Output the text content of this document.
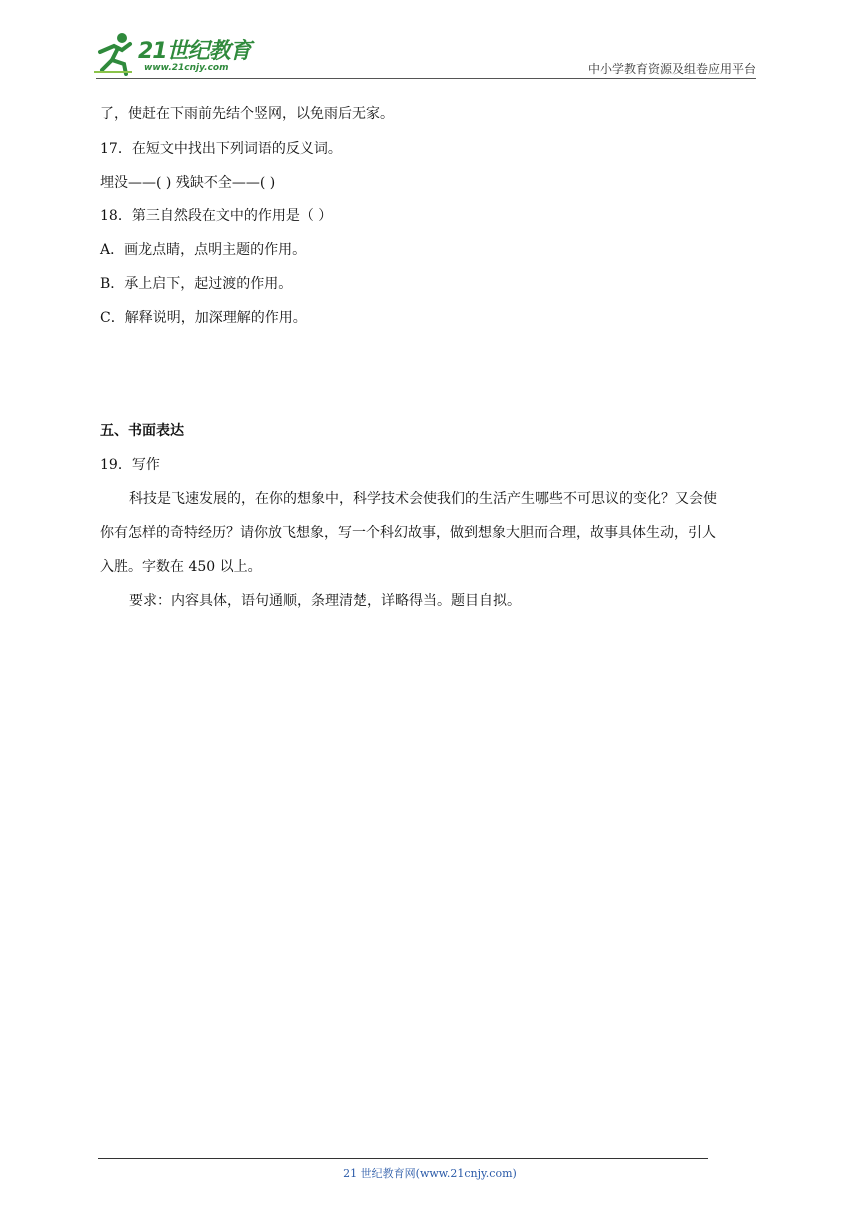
21世纪教育
www.21cnjy.com	中小学教育资源及组卷应用平台
了，使赶在下雨前先结个竖网，以免雨后无家。
17．在短文中找出下列词语的反义词。
埋没——( ) 残缺不全——( )
18．第三自然段在文中的作用是（ ）
A．画龙点睛，点明主题的作用。
B．承上启下，起过渡的作用。
C．解释说明，加深理解的作用。
五、书面表达
19．写作
科技是飞速发展的，在你的想象中，科学技术会使我们的生活产生哪些不可思议的变化？又会使
你有怎样的奇特经历？请你放飞想象，写一个科幻故事，做到想象大胆而合理，故事具体生动，引人
入胜。字数在 450 以上。
要求：内容具体，语句通顺，条理清楚，详略得当。题目自拟。
21 世纪教育网(www.21cnjy.com)
